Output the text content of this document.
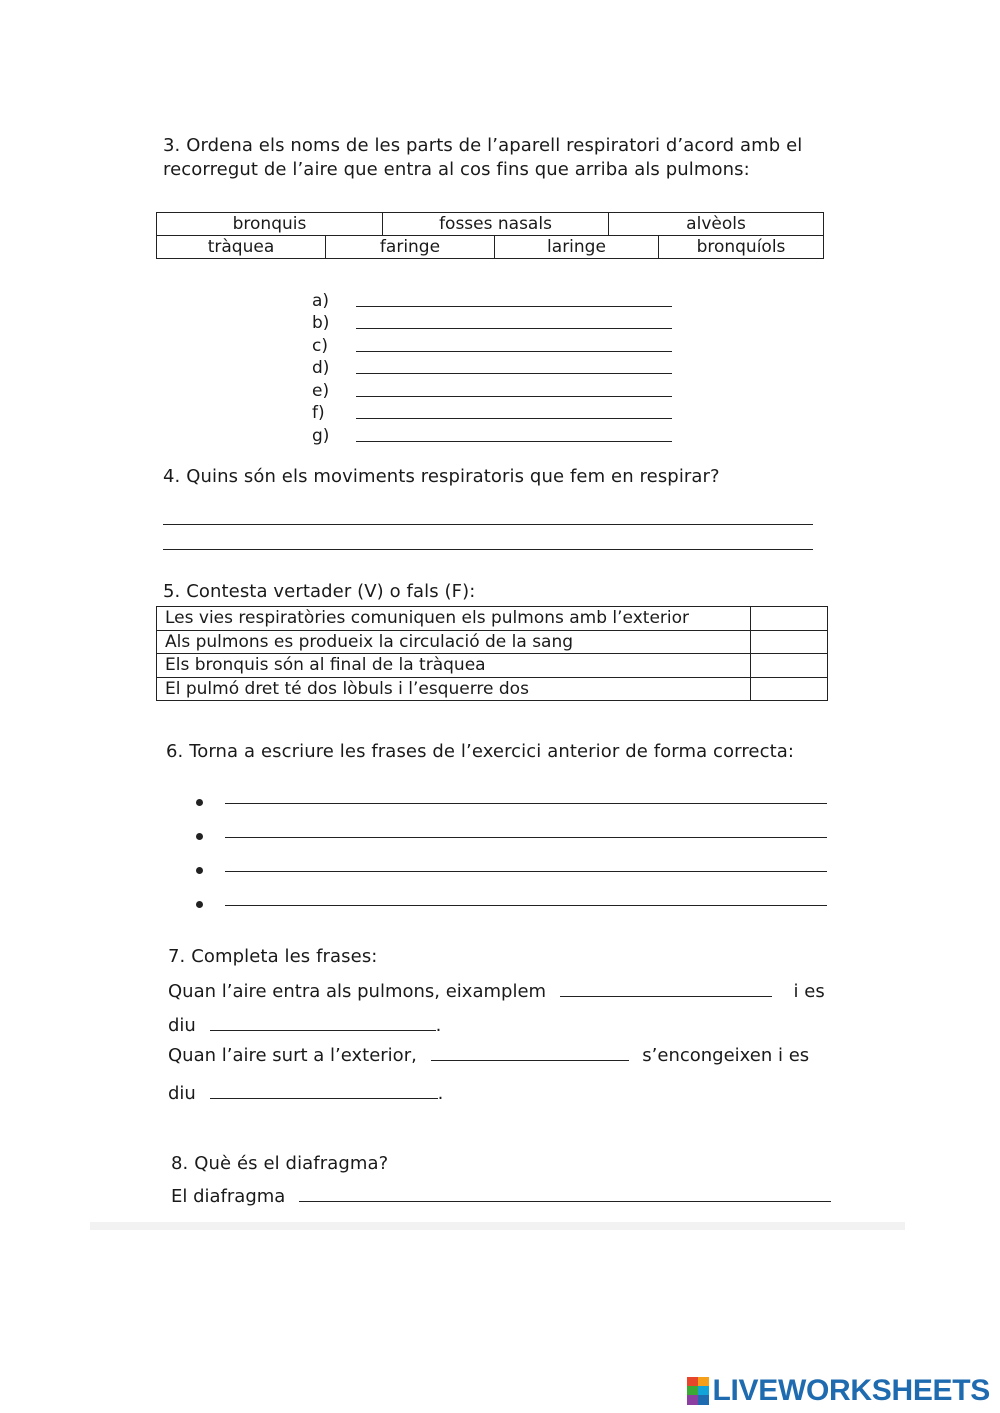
3. Ordena els noms de les parts de l’aparell respiratori d’acord amb el
recorregut de l’aire que entra al cos fins que arriba als pulmons:
bronquis	fosses nasals	alvèols
tràquea	faringe	laringe	bronquíols
a)
b)
c)
d)
e)
f)
g)
4. Quins són els moviments respiratoris que fem en respirar?
5. Contesta vertader (V) o fals (F):
Les vies respiratòries comuniquen els pulmons amb l’exterior
Als pulmons es produeix la circulació de la sang
Els bronquis són al final de la tràquea
El pulmó dret té dos lòbuls i l’esquerre dos
6. Torna a escriure les frases de l’exercici anterior de forma correcta:
7. Completa les frases:
Quan l’aire entra als pulmons, eixamplem	i es
diu	.
Quan l’aire surt a l’exterior,	s’encongeixen i es
diu	.
8. Què és el diafragma?
El diafragma
LIVEWORKSHEETS
